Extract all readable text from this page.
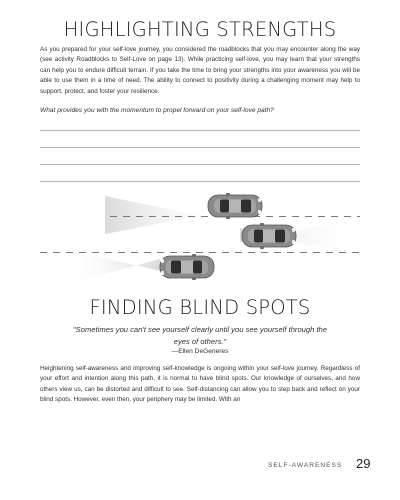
HIGHLIGHTING STRENGTHS

As you prepared for your self-love journey, you considered the roadblocks that you may encounter along the way (see activity Roadblocks to Self-Love on page 13). While practicing self-love, you may learn that your strengths can help you to endure difficult terrain. If you take the time to bring your strengths into your awareness you will be able to use them in a time of need. The ability to connect to positivity during a challenging moment may help to support, protect, and foster your resilience.

What provides you with the momentum to propel forward on your self-love path?

FINDING BLIND SPOTS

"Sometimes you can't see yourself clearly until you see yourself through the eyes of others."

—Ellen DeGeneres

Heightening self-awareness and improving self-knowledge is ongoing within your self-love journey. Regardless of your effort and intention along this path, it is normal to have blind spots. Our knowledge of ourselves, and how others view us, can be distorted and difficult to see. Self-distancing can allow you to step back and reflect on your blind spots. However, even then, your periphery may be limited. With an

SELF-AWARENESS 29
